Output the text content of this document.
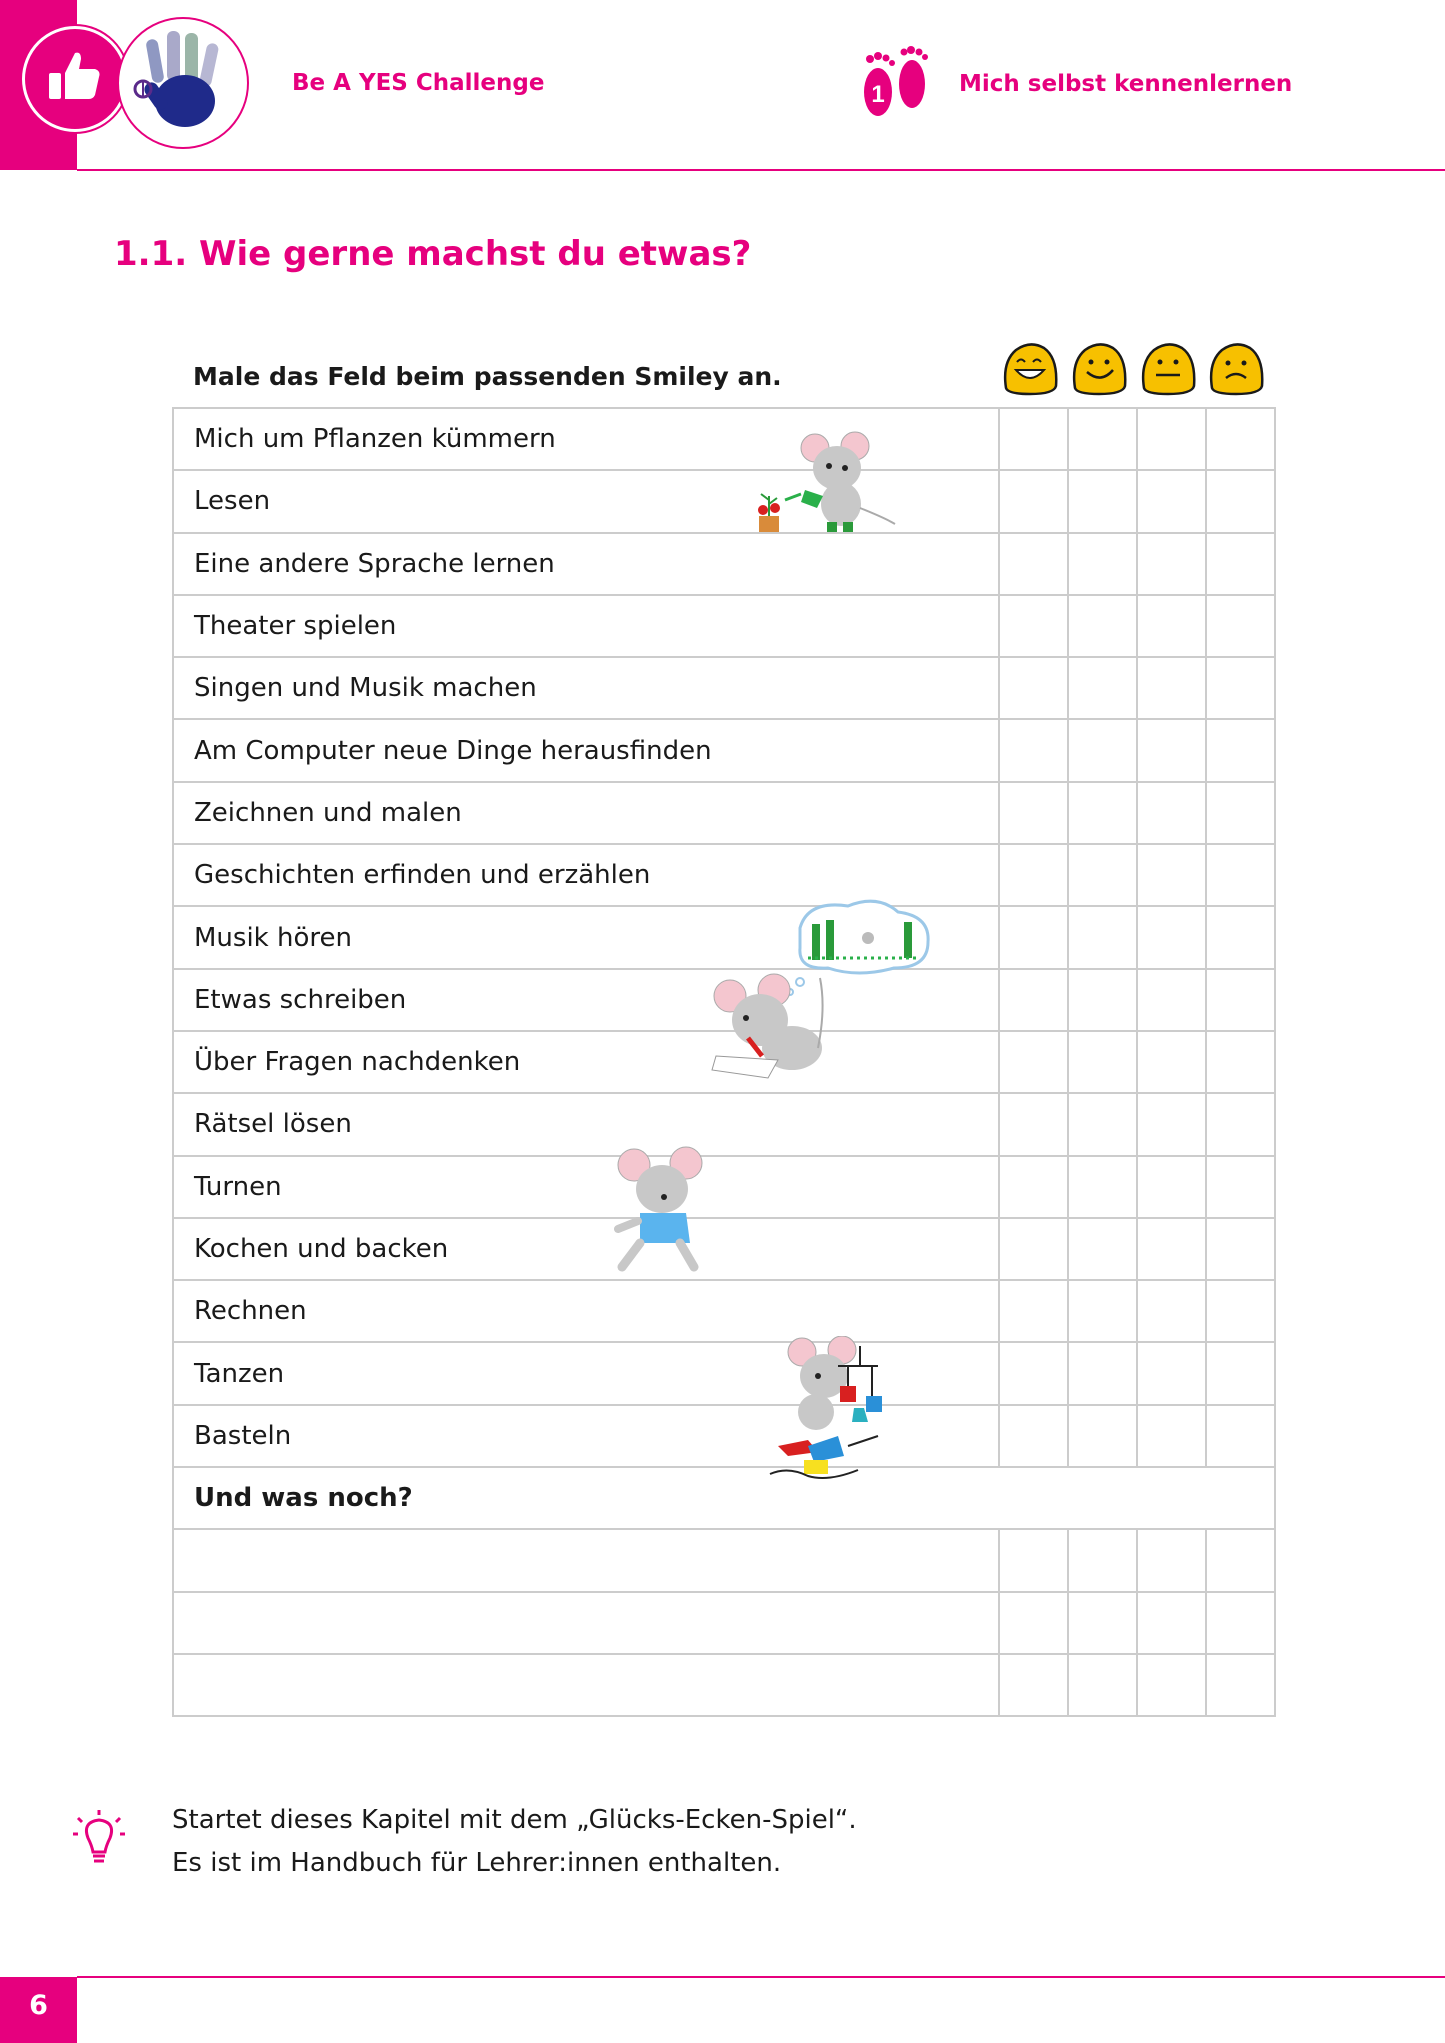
Be A YES Challenge	1	Mich selbst kennenlernen
1.1. Wie gerne machst du etwas?
Male das Feld beim passenden Smiley an.
Mich um Pflanzen kümmern				
Lesen				
Eine andere Sprache lernen				
Theater spielen				
Singen und Musik machen				
Am Computer neue Dinge herausfinden				
Zeichnen und malen				
Geschichten erfinden und erzählen				
Musik hören				
Etwas schreiben				
Über Fragen nachdenken				
Rätsel lösen				
Turnen				
Kochen und backen				
Rechnen				
Tanzen				
Basteln				
Und was noch?				

Startet dieses Kapitel mit dem „Glücks-Ecken-Spiel“.
Es ist im Handbuch für Lehrer:innen enthalten.
6
